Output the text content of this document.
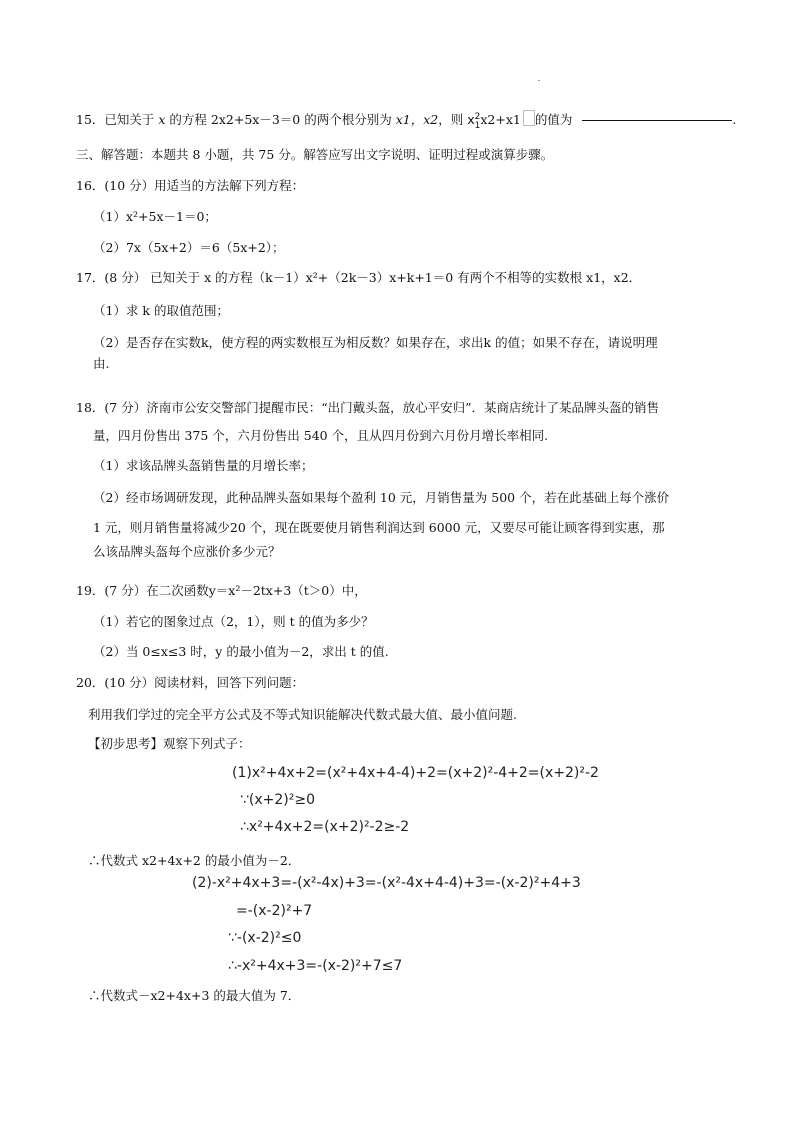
15．已知关于 x 的方程 2x2+5x－3＝0 的两个根分别为 x1，x2，则 x 2
1 x2+x1 的值为	.
三、解答题：本题共 8 小题，共 75 分。解答应写出文字说明、证明过程或演算步骤。
16．(10 分）用适当的方法解下列方程：
（1）x²+5x－1＝0；
（2）7x（5x+2）＝6（5x+2）；
17．(8 分） 已知关于 x 的方程（k－1）x²+（2k－3）x+k+1＝0 有两个不相等的实数根 x1，x2．
（1）求 k 的取值范围；
（2）是否存在实数k，使方程的两实数根互为相反数？如果存在，求出k 的值；如果不存在，请说明理
由.
18．(7 分）济南市公安交警部门提醒市民：“出门戴头盔，放心平安归”．某商店统计了某品牌头盔的销售
量，四月份售出 375 个，六月份售出 540 个，且从四月份到六月份月增长率相同.
（1）求该品牌头盔销售量的月增长率；
（2）经市场调研发现，此种品牌头盔如果每个盈利 10 元，月销售量为 500 个，若在此基础上每个涨价
1 元，则月销售量将减少20 个，现在既要使月销售利润达到 6000 元，又要尽可能让顾客得到实惠，那
么该品牌头盔每个应涨价多少元？
19．(7 分）在二次函数y＝x²－2tx+3（t＞0）中，
（1）若它的图象过点（2，1），则 t 的值为多少？
（2）当 0≤x≤3 时，y 的最小值为－2，求出 t 的值.
20．(10 分）阅读材料，回答下列问题：
利用我们学过的完全平方公式及不等式知识能解决代数式最大值、最小值问题.
【初步思考】观察下列式子：
(1)x²+4x+2=(x²+4x+4-4)+2=(x+2)²-4+2=(x+2)²-2
∵(x+2)²≥0
∴x²+4x+2=(x+2)²-2≥-2
∴代数式 x2+4x+2 的最小值为－2．
(2)-x²+4x+3=-(x²-4x)+3=-(x²-4x+4-4)+3=-(x-2)²+4+3
=-(x-2)²+7
∵-(x-2)²≤0
∴-x²+4x+3=-(x-2)²+7≤7
∴代数式－x2+4x+3 的最大值为 7．
